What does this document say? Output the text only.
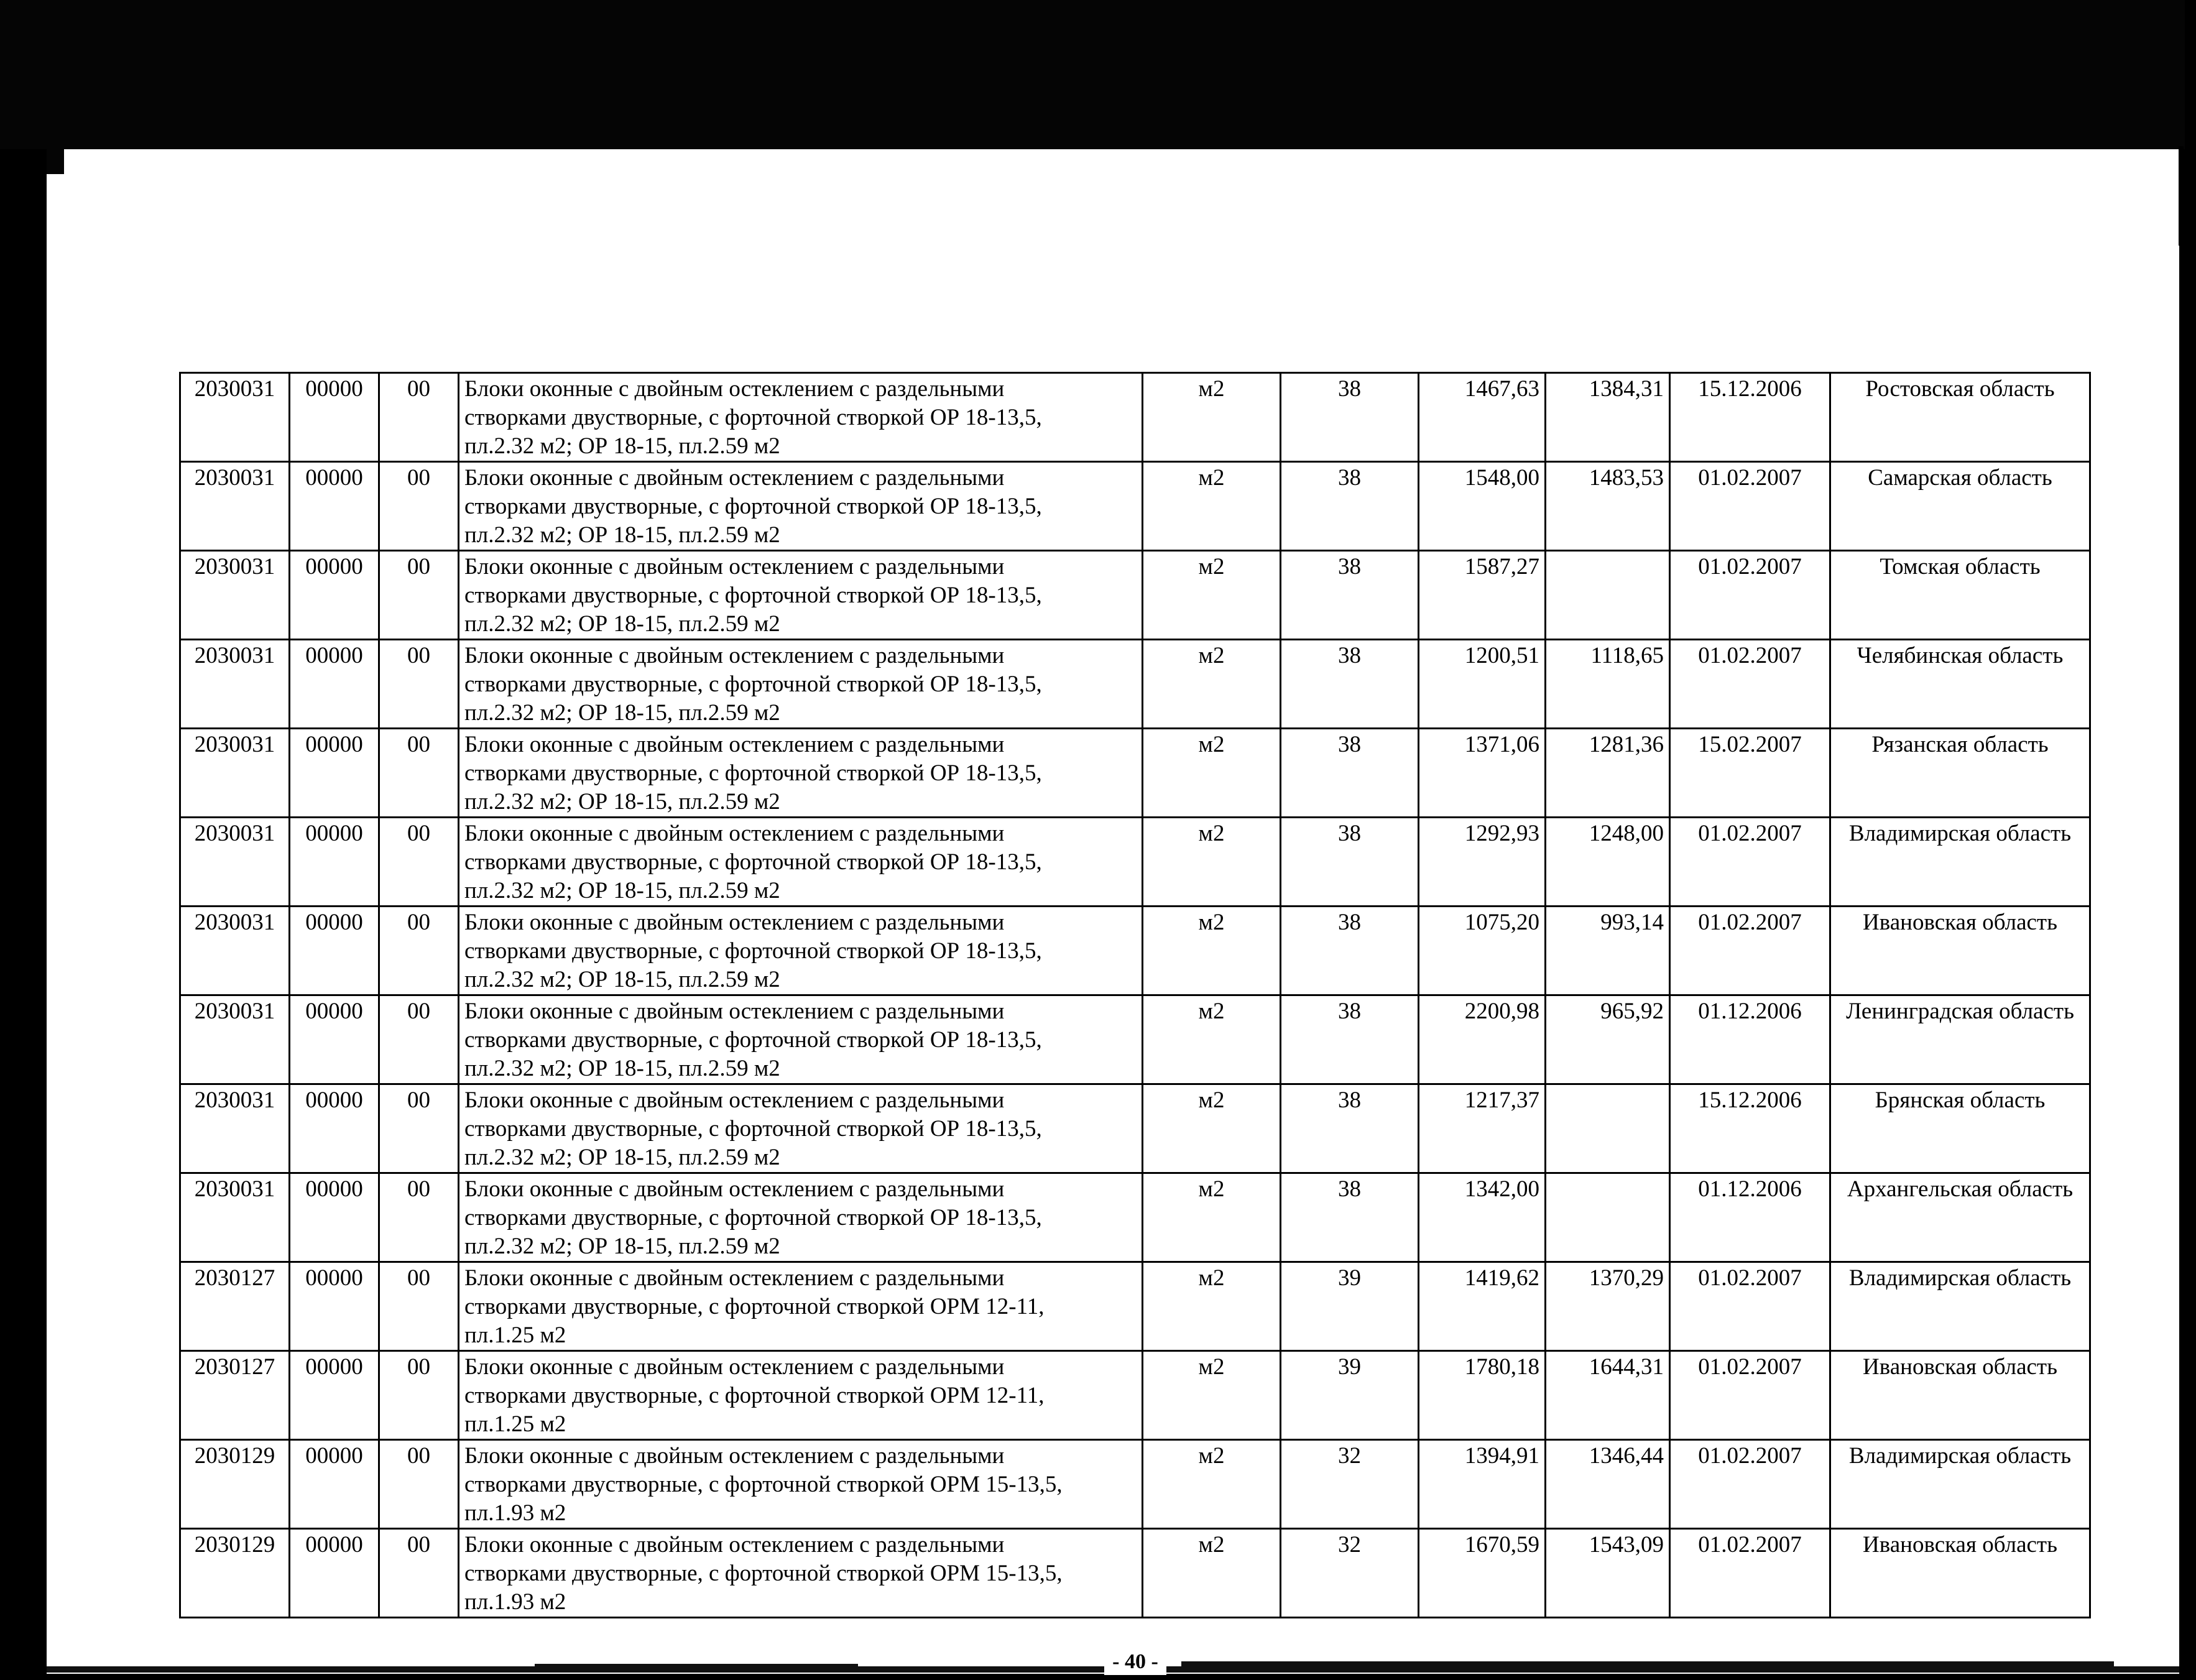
2030031	00000	00	Блоки оконные с двойным остеклением с раздельными
створками двустворные, с форточной створкой ОР 18-13,5,
пл.2.32 м2; ОР 18-15, пл.2.59 м2	м2	38	1467,63	1384,31	15.12.2006	Ростовская область
2030031	00000	00	Блоки оконные с двойным остеклением с раздельными
створками двустворные, с форточной створкой ОР 18-13,5,
пл.2.32 м2; ОР 18-15, пл.2.59 м2	м2	38	1548,00	1483,53	01.02.2007	Самарская область
2030031	00000	00	Блоки оконные с двойным остеклением с раздельными
створками двустворные, с форточной створкой ОР 18-13,5,
пл.2.32 м2; ОР 18-15, пл.2.59 м2	м2	38	1587,27		01.02.2007	Томская область
2030031	00000	00	Блоки оконные с двойным остеклением с раздельными
створками двустворные, с форточной створкой ОР 18-13,5,
пл.2.32 м2; ОР 18-15, пл.2.59 м2	м2	38	1200,51	1118,65	01.02.2007	Челябинская область
2030031	00000	00	Блоки оконные с двойным остеклением с раздельными
створками двустворные, с форточной створкой ОР 18-13,5,
пл.2.32 м2; ОР 18-15, пл.2.59 м2	м2	38	1371,06	1281,36	15.02.2007	Рязанская область
2030031	00000	00	Блоки оконные с двойным остеклением с раздельными
створками двустворные, с форточной створкой ОР 18-13,5,
пл.2.32 м2; ОР 18-15, пл.2.59 м2	м2	38	1292,93	1248,00	01.02.2007	Владимирская область
2030031	00000	00	Блоки оконные с двойным остеклением с раздельными
створками двустворные, с форточной створкой ОР 18-13,5,
пл.2.32 м2; ОР 18-15, пл.2.59 м2	м2	38	1075,20	993,14	01.02.2007	Ивановская область
2030031	00000	00	Блоки оконные с двойным остеклением с раздельными
створками двустворные, с форточной створкой ОР 18-13,5,
пл.2.32 м2; ОР 18-15, пл.2.59 м2	м2	38	2200,98	965,92	01.12.2006	Ленинградская область
2030031	00000	00	Блоки оконные с двойным остеклением с раздельными
створками двустворные, с форточной створкой ОР 18-13,5,
пл.2.32 м2; ОР 18-15, пл.2.59 м2	м2	38	1217,37		15.12.2006	Брянская область
2030031	00000	00	Блоки оконные с двойным остеклением с раздельными
створками двустворные, с форточной створкой ОР 18-13,5,
пл.2.32 м2; ОР 18-15, пл.2.59 м2	м2	38	1342,00		01.12.2006	Архангельская область
2030127	00000	00	Блоки оконные с двойным остеклением с раздельными
створками двустворные, с форточной створкой ОРМ 12-11,
пл.1.25 м2	м2	39	1419,62	1370,29	01.02.2007	Владимирская область
2030127	00000	00	Блоки оконные с двойным остеклением с раздельными
створками двустворные, с форточной створкой ОРМ 12-11,
пл.1.25 м2	м2	39	1780,18	1644,31	01.02.2007	Ивановская область
2030129	00000	00	Блоки оконные с двойным остеклением с раздельными
створками двустворные, с форточной створкой ОРМ 15-13,5,
пл.1.93 м2	м2	32	1394,91	1346,44	01.02.2007	Владимирская область
2030129	00000	00	Блоки оконные с двойным остеклением с раздельными
створками двустворные, с форточной створкой ОРМ 15-13,5,
пл.1.93 м2	м2	32	1670,59	1543,09	01.02.2007	Ивановская область
- 40 -
